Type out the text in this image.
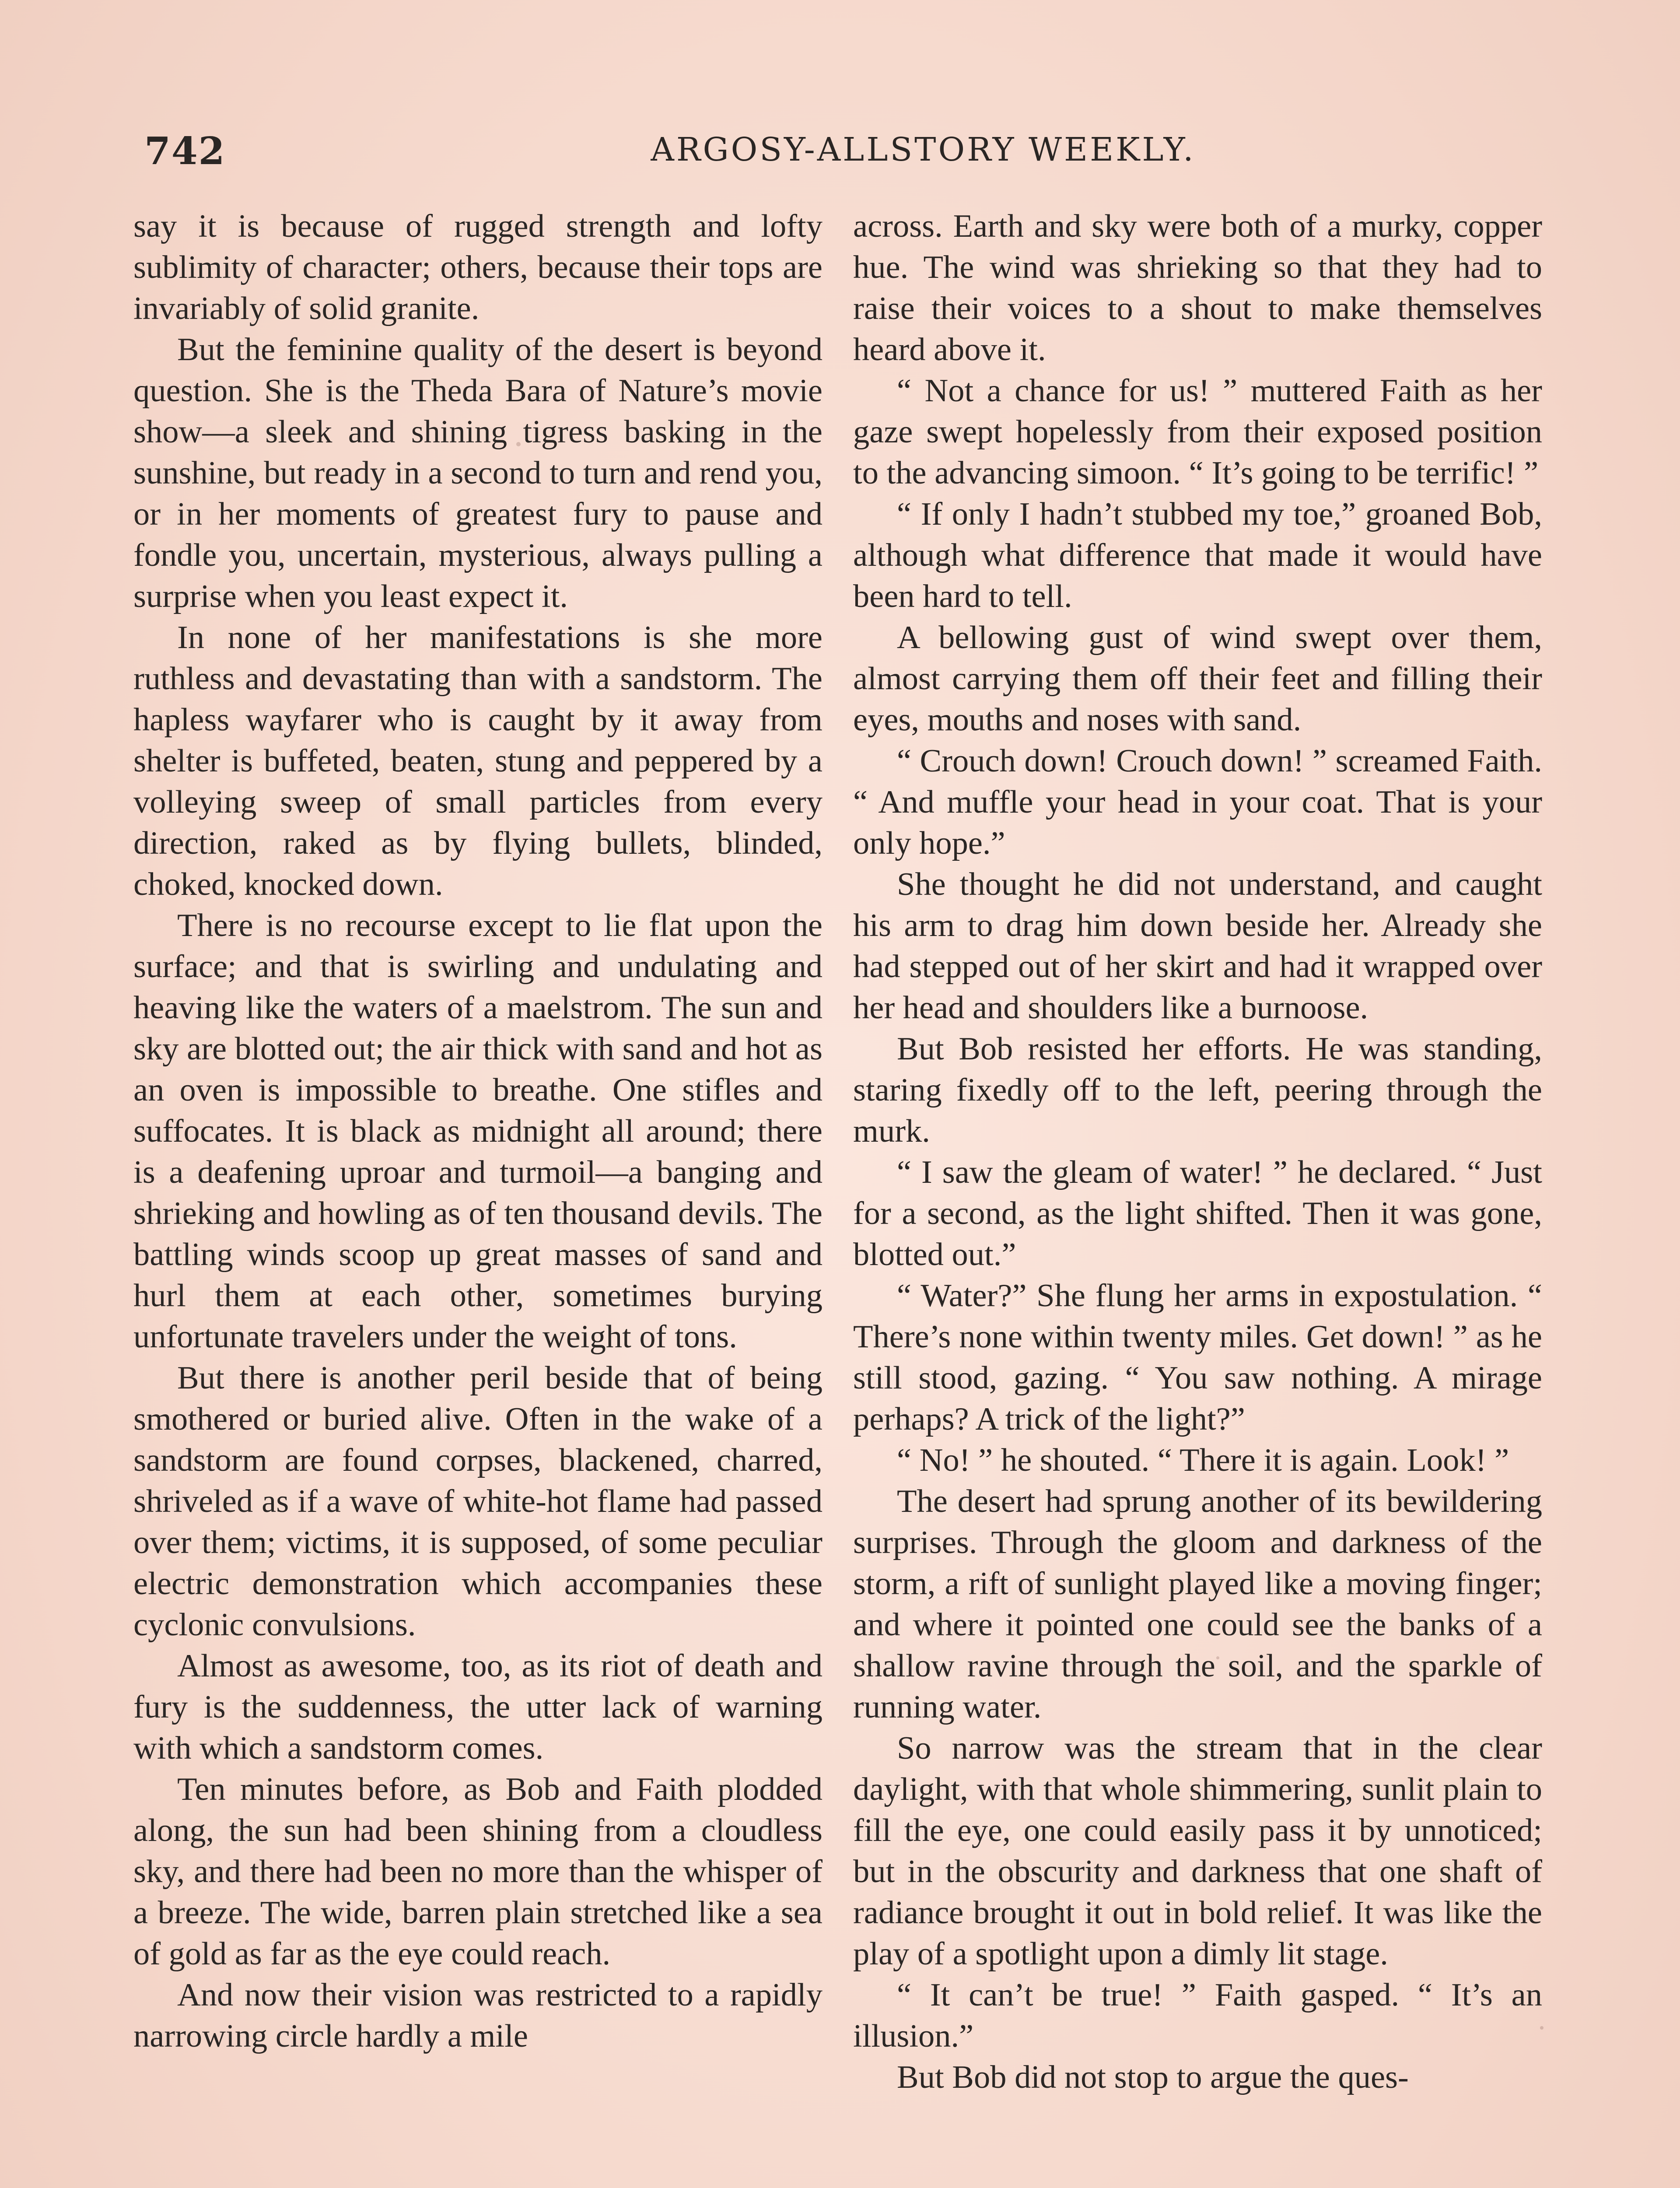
742	ARGOSY-ALLSTORY WEEKLY.

say it is because of rugged strength and lofty sublimity of character; others, because their tops are invariably of solid granite.

But the feminine quality of the desert is beyond question. She is the Theda Bara of Nature’s movie show—a sleek and shining tigress basking in the sunshine, but ready in a second to turn and rend you, or in her moments of greatest fury to pause and fondle you, uncertain, mysterious, always pulling a surprise when you least expect it.

In none of her manifestations is she more ruthless and devastating than with a sandstorm. The hapless wayfarer who is caught by it away from shelter is buffeted, beaten, stung and peppered by a volleying sweep of small particles from every direction, raked as by flying bullets, blinded, choked, knocked down.

There is no recourse except to lie flat upon the surface; and that is swirling and undulating and heaving like the waters of a maelstrom. The sun and sky are blotted out; the air thick with sand and hot as an oven is impossible to breathe. One stifles and suffocates. It is black as midnight all around; there is a deafening uproar and turmoil—a banging and shrieking and howling as of ten thousand devils. The battling winds scoop up great masses of sand and hurl them at each other, sometimes burying unfortunate travelers under the weight of tons.

But there is another peril beside that of being smothered or buried alive. Often in the wake of a sandstorm are found corpses, blackened, charred, shriveled as if a wave of white-hot flame had passed over them; victims, it is supposed, of some peculiar electric demonstration which accompanies these cyclonic convulsions.

Almost as awesome, too, as its riot of death and fury is the suddenness, the utter lack of warning with which a sandstorm comes.

Ten minutes before, as Bob and Faith plodded along, the sun had been shining from a cloudless sky, and there had been no more than the whisper of a breeze. The wide, barren plain stretched like a sea of gold as far as the eye could reach.

And now their vision was restricted to a rapidly narrowing circle hardly a mile

across. Earth and sky were both of a murky, copper hue. The wind was shrieking so that they had to raise their voices to a shout to make themselves heard above it.

“ Not a chance for us! ” muttered Faith as her gaze swept hopelessly from their exposed position to the advancing simoon. “ It’s going to be terrific! ”

“ If only I hadn’t stubbed my toe,” groaned Bob, although what difference that made it would have been hard to tell.

A bellowing gust of wind swept over them, almost carrying them off their feet and filling their eyes, mouths and noses with sand.

“ Crouch down! Crouch down! ” screamed Faith. “ And muffle your head in your coat. That is your only hope.”

She thought he did not understand, and caught his arm to drag him down beside her. Already she had stepped out of her skirt and had it wrapped over her head and shoulders like a burnoose.

But Bob resisted her efforts. He was standing, staring fixedly off to the left, peering through the murk.

“ I saw the gleam of water! ” he declared. “ Just for a second, as the light shifted. Then it was gone, blotted out.”

“ Water?” She flung her arms in expostulation. “ There’s none within twenty miles. Get down! ” as he still stood, gazing. “ You saw nothing. A mirage perhaps? A trick of the light?”

“ No! ” he shouted. “ There it is again. Look! ”

The desert had sprung another of its bewildering surprises. Through the gloom and darkness of the storm, a rift of sunlight played like a moving finger; and where it pointed one could see the banks of a shallow ravine through the soil, and the sparkle of running water.

So narrow was the stream that in the clear daylight, with that whole shimmering, sunlit plain to fill the eye, one could easily pass it by unnoticed; but in the obscurity and darkness that one shaft of radiance brought it out in bold relief. It was like the play of a spotlight upon a dimly lit stage.

“ It can’t be true! ” Faith gasped. “ It’s an illusion.”

But Bob did not stop to argue the ques-
